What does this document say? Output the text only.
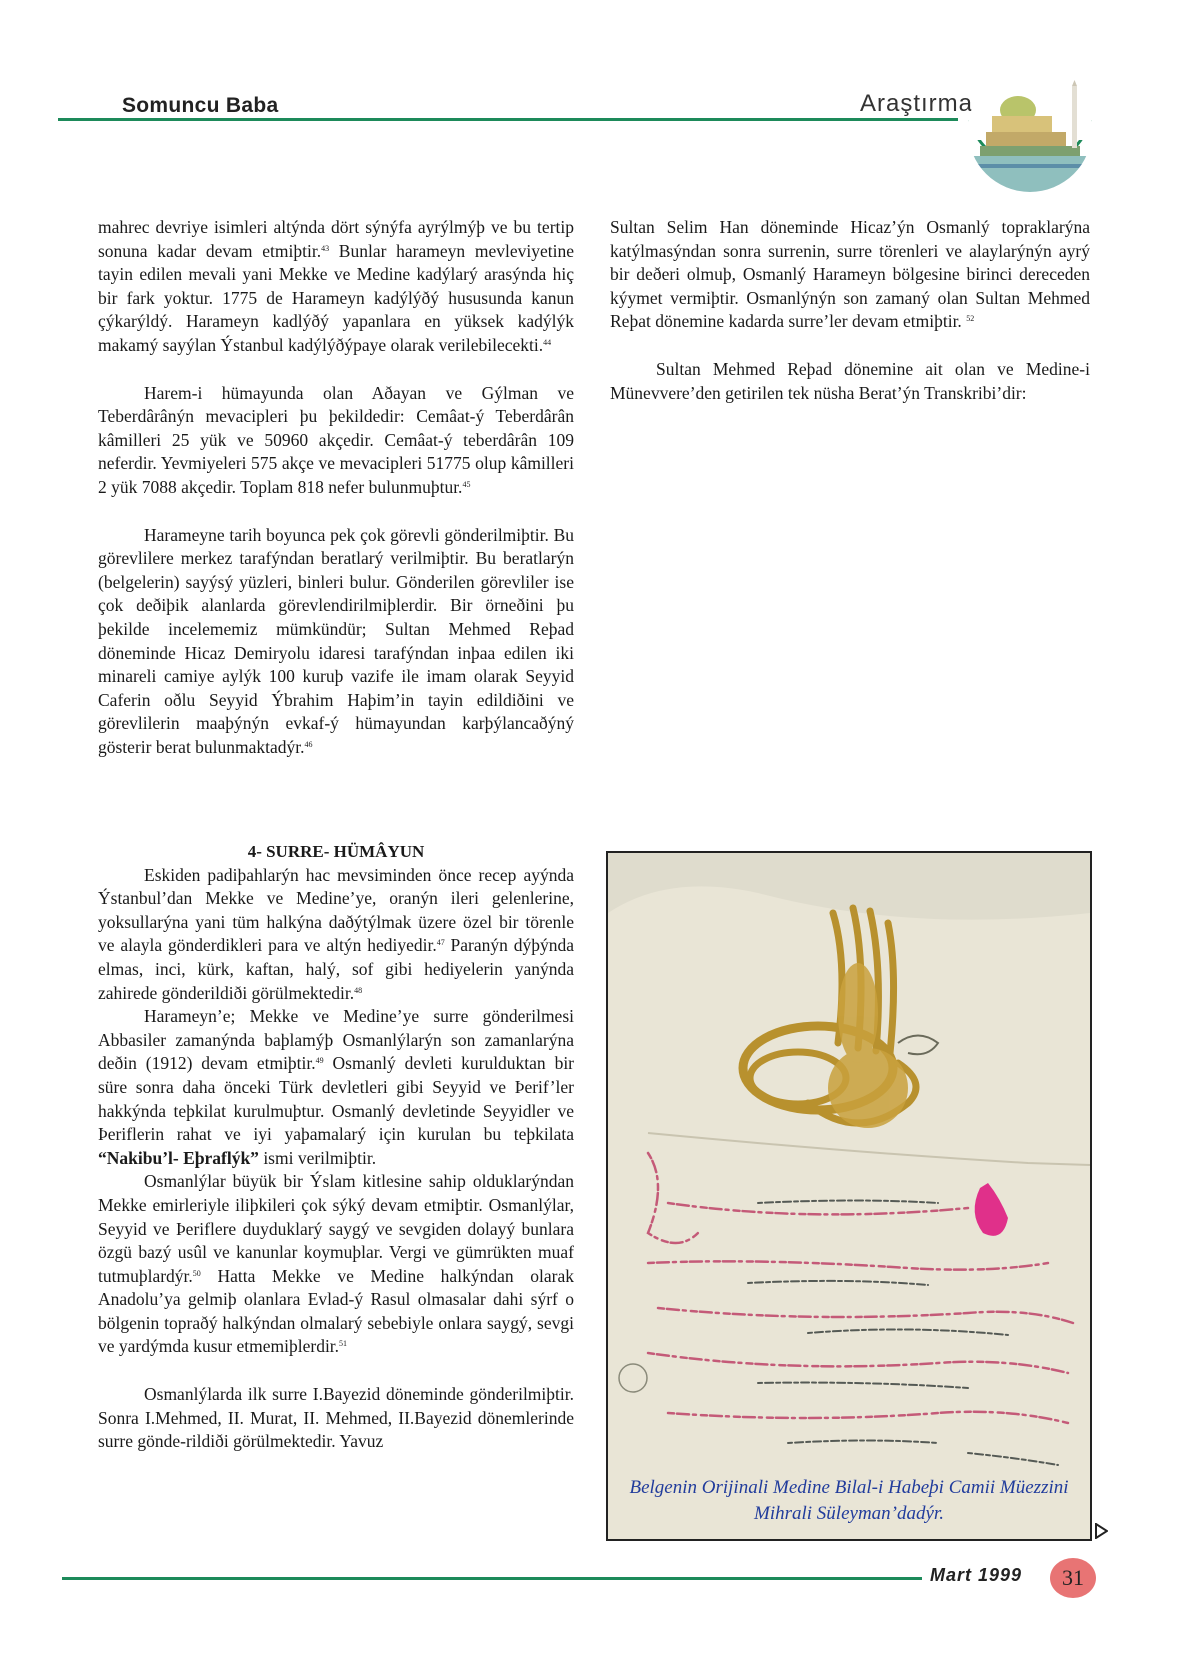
Somuncu Baba	Araştırma

mahrec devriye isimleri altýnda dört sýnýfa ayrýlmýþ ve bu tertip sonuna kadar devam etmiþtir.$^{43}$ Bunlar harameyn mevleviyetine tayin edilen mevali yani Mekke ve Medine kadýlarý arasýnda hiç bir fark yoktur. 1775 de Harameyn kadýlýðý hususunda kanun çýkarýldý. Harameyn kadlýðý yapanlara en yüksek kadýlýk makamý sayýlan Ýstanbul kadýlýðýpaye olarak verilebilecekti.$^{44}$

Harem-i hümayunda olan Aðayan ve Gýlman ve Teberdârânýn mevacipleri þu þekildedir: Cemâat-ý Teberdârân kâmilleri 25 yük ve 50960 akçedir. Cemâat-ý teberdârân 109 neferdir. Yevmiyeleri 575 akçe ve mevacipleri 51775 olup kâmilleri 2 yük 7088 akçedir. Toplam 818 nefer bulunmuþtur.$^{45}$

Harameyne tarih boyunca pek çok görevli gönderilmiþtir. Bu görevlilere merkez tarafýndan beratlarý verilmiþtir. Bu beratlarýn (belgelerin) sayýsý yüzleri, binleri bulur. Gönderilen görevliler ise çok deðiþik alanlarda görevlendirilmiþlerdir. Bir örneðini þu þekilde incelememiz mümkündür; Sultan Mehmed Reþad döneminde Hicaz Demiryolu idaresi tarafýndan inþaa edilen iki minareli camiye aylýk 100 kuruþ vazife ile imam olarak Seyyid Caferin oðlu Seyyid Ýbrahim Haþim’in tayin edildiðini ve görevlilerin maaþýnýn evkaf-ý hümayundan karþýlancaðýný gösterir berat bulunmaktadýr.$^{46}$

4- SURRE- HÜMÂYUN

Eskiden padiþahlarýn hac mevsiminden önce recep ayýnda Ýstanbul’dan Mekke ve Medine’ye, oranýn ileri gelenlerine, yoksullarýna yani tüm halkýna daðýtýlmak üzere özel bir törenle ve alayla gönderdikleri para ve altýn hediyedir.$^{47}$ Paranýn dýþýnda elmas, inci, kürk, kaftan, halý, sof gibi hediyelerin yanýnda zahirede gönderildiði görülmektedir.$^{48}$

Harameyn’e; Mekke ve Medine’ye surre gönderilmesi Abbasiler zamanýnda baþlamýþ Osmanlýlarýn son zamanlarýna deðin (1912) devam etmiþtir.$^{49}$ Osmanlý devleti kurulduktan bir süre sonra daha önceki Türk devletleri gibi Seyyid ve Þerif’ler hakkýnda teþkilat kurulmuþtur. Osmanlý devletinde Seyyidler ve Þeriflerin rahat ve iyi yaþamalarý için kurulan bu teþkilata “Nakibu’l- Eþraflýk” ismi verilmiþtir.

Osmanlýlar büyük bir Ýslam kitlesine sahip olduklarýndan Mekke emirleriyle iliþkileri çok sýký devam etmiþtir. Osmanlýlar, Seyyid ve Þeriflere duyduklarý saygý ve sevgiden dolayý bunlara özgü bazý usûl ve kanunlar koymuþlar. Vergi ve gümrükten muaf tutmuþlardýr.$^{50}$ Hatta Mekke ve Medine halkýndan olarak Anadolu’ya gelmiþ olanlara Evlad-ý Rasul olmasalar dahi sýrf o bölgenin topraðý halkýndan olmalarý sebebiyle onlara saygý, sevgi ve yardýmda kusur etmemiþlerdir.$^{51}$

Osmanlýlarda ilk surre I.Bayezid döneminde gönderilmiþtir. Sonra I.Mehmed, II. Murat, II. Mehmed, II.Bayezid dönemlerinde surre gönde-rildiði görülmektedir. Yavuz

Sultan Selim Han döneminde Hicaz’ýn Osmanlý topraklarýna katýlmasýndan sonra surrenin, surre törenleri ve alaylarýnýn ayrý bir deðeri olmuþ, Osmanlý Harameyn bölgesine birinci dereceden kýymet vermiþtir. Osmanlýnýn son zamaný olan Sultan Mehmed Reþat dönemine kadarda surre’ler devam etmiþtir. $^{52}$

Sultan Mehmed Reþad dönemine ait olan ve Medine-i Münevvere’den getirilen tek nüsha Berat’ýn Transkribi’dir:

Belgenin Orijinali Medine Bilal-i Habeþi Camii Müezzini Mihrali Süleyman’dadýr.
Mart 1999	31
